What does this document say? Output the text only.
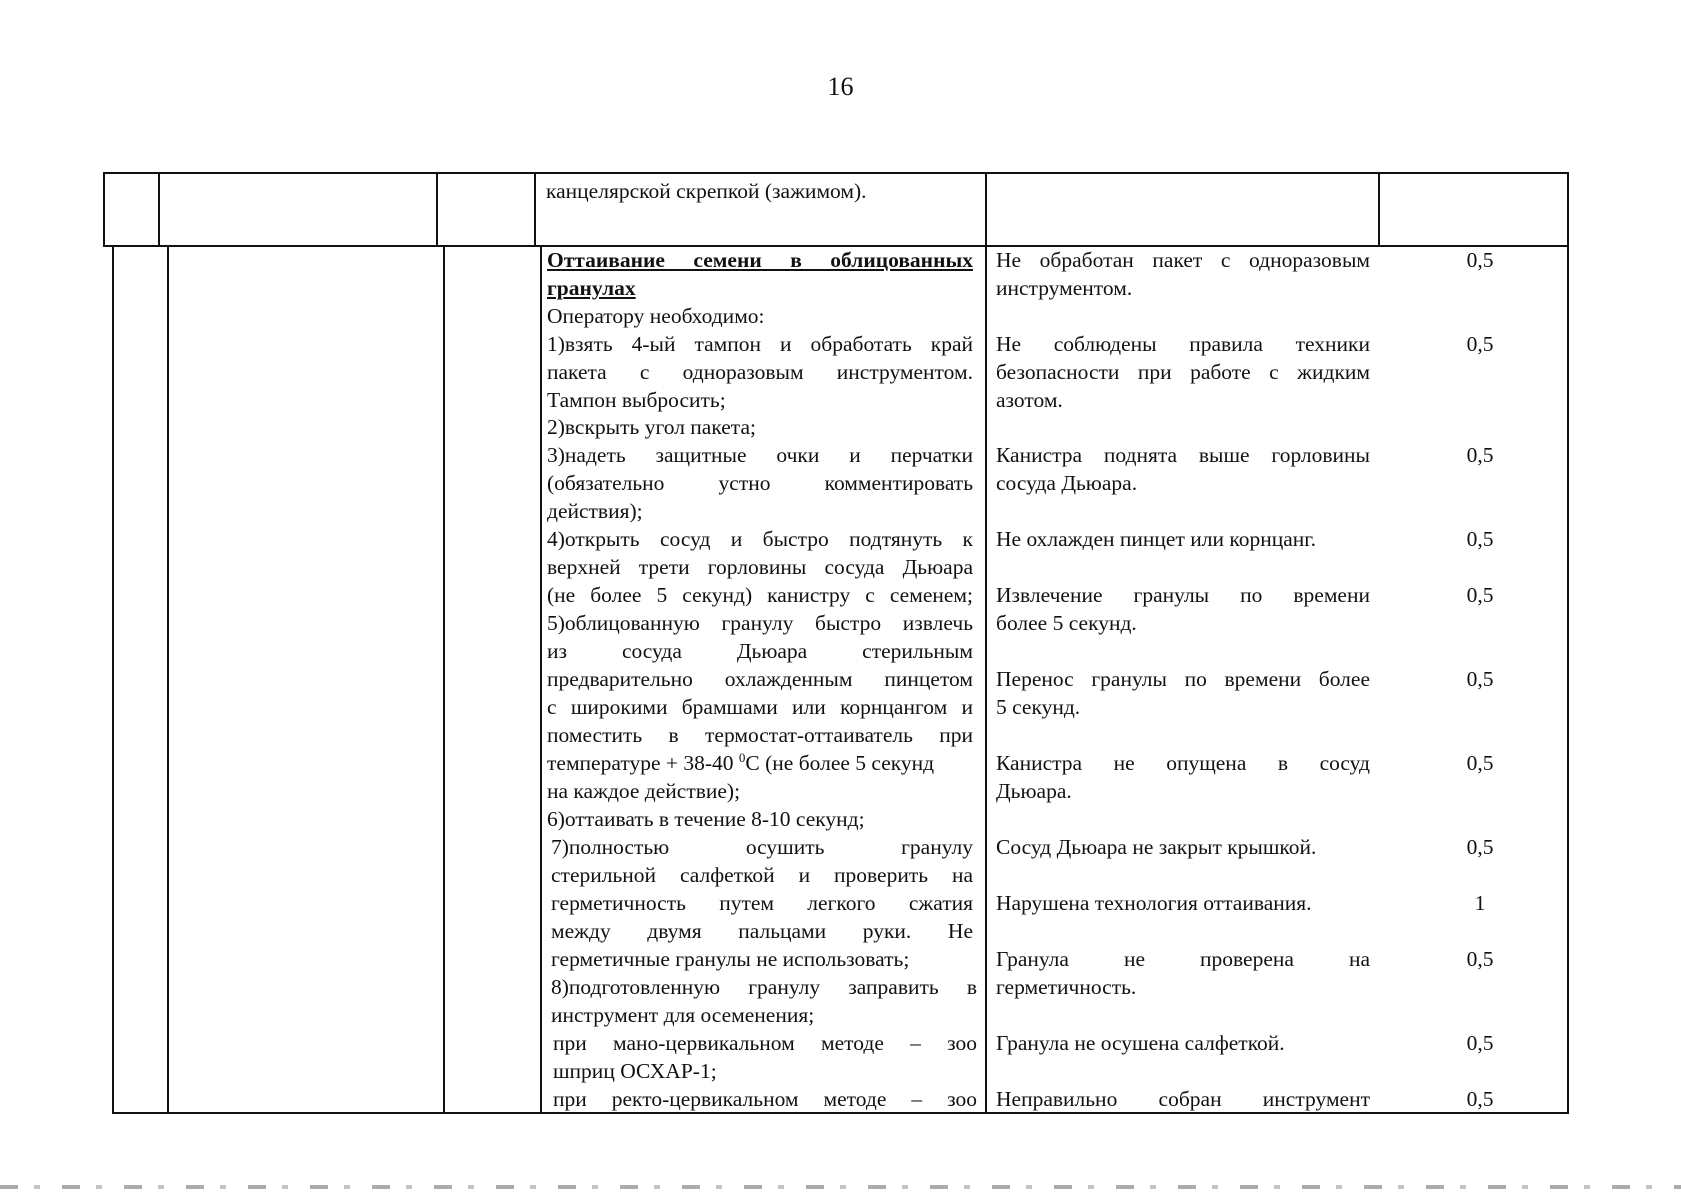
16
канцелярской скрепкой (зажимом).
Оттаивание семени в облицованных
гранулах
Оператору необходимо:
1)взять 4-ый тампон и обработать край
пакета с одноразовым инструментом.
Тампон выбросить;
2)вскрыть угол пакета;
3)надеть защитные очки и перчатки
(обязательно устно комментировать
действия);
4)открыть сосуд и быстро подтянуть к
верхней трети горловины сосуда Дьюара
(не более 5 секунд) канистру с семенем;
5)облицованную гранулу быстро извлечь
из сосуда Дьюара стерильным
предварительно охлажденным пинцетом
с широкими брамшами или корнцангом и
поместить в термостат-оттаиватель при
температуре + 38-40 $^0$С (не более 5 секунд
на каждое действие);
6)оттаивать в течение 8-10 секунд;
7)полностью осушить гранулу
стерильной салфеткой и проверить на
герметичность путем легкого сжатия
между двумя пальцами руки. Не
герметичные гранулы не использовать;
8)подготовленную гранулу заправить в
инструмент для осеменения;
при мано-цервикальном методе – зоо
шприц ОСХАР-1;
при ректо-цервикальном методе – зоо
Не обработан пакет с одноразовым
инструментом.
Не соблюдены правила техники
безопасности при работе с жидким
азотом.
Канистра поднята выше горловины
сосуда Дьюара.
Не охлажден пинцет или корнцанг.
Извлечение гранулы по времени
более 5 секунд.
Перенос гранулы по времени более
5 секунд.
Канистра не опущена в сосуд
Дьюара.
Сосуд Дьюара не закрыт крышкой.
Нарушена технология оттаивания.
Гранула не проверена на
герметичность.
Гранула не осушена салфеткой.
Неправильно собран инструмент
0,5
0,5
0,5
0,5
0,5
0,5
0,5
0,5
1
0,5
0,5
0,5
